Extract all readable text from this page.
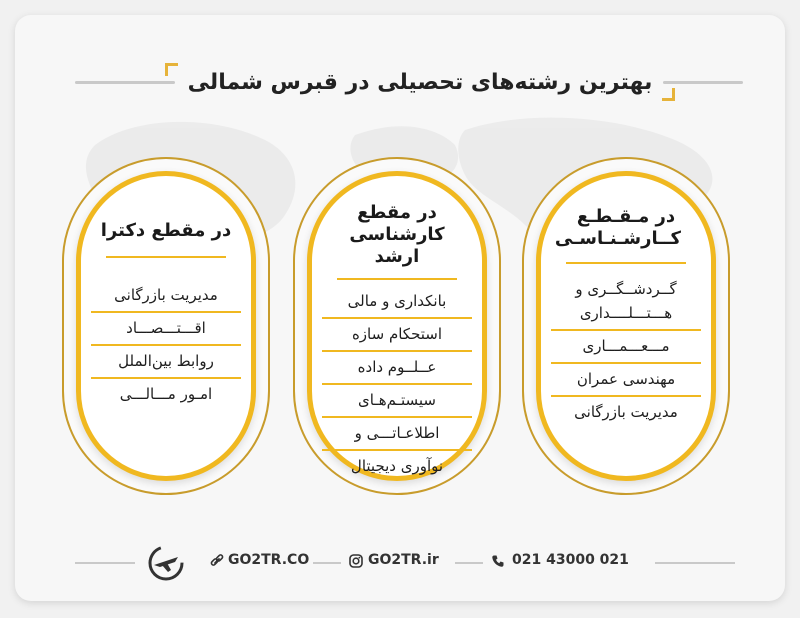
بهترین رشته‌های تحصیلی در قبرس شمالی
در مقطع دکترا
مدیریت بازرگانی
اقـــتـــصـــاد
روابط بین‌الملل
امـور مـــالـــی
در مقطع کارشناسی ارشد
بانکداری و مالی
استحکام سازه
عــلــوم داده
سیستـم‌هـای
اطلاعـاتـــی و
نوآوری دیجیتال
در مـقـطـع کــارشـنـاسـی
گــردشــگــری و
هـــتـــلــــداری
مـــعـــمـــاری
مهندسی عمران
مدیریت بازرگانی
GO2TR.CO	GO2TR.ir	021 43000 021
